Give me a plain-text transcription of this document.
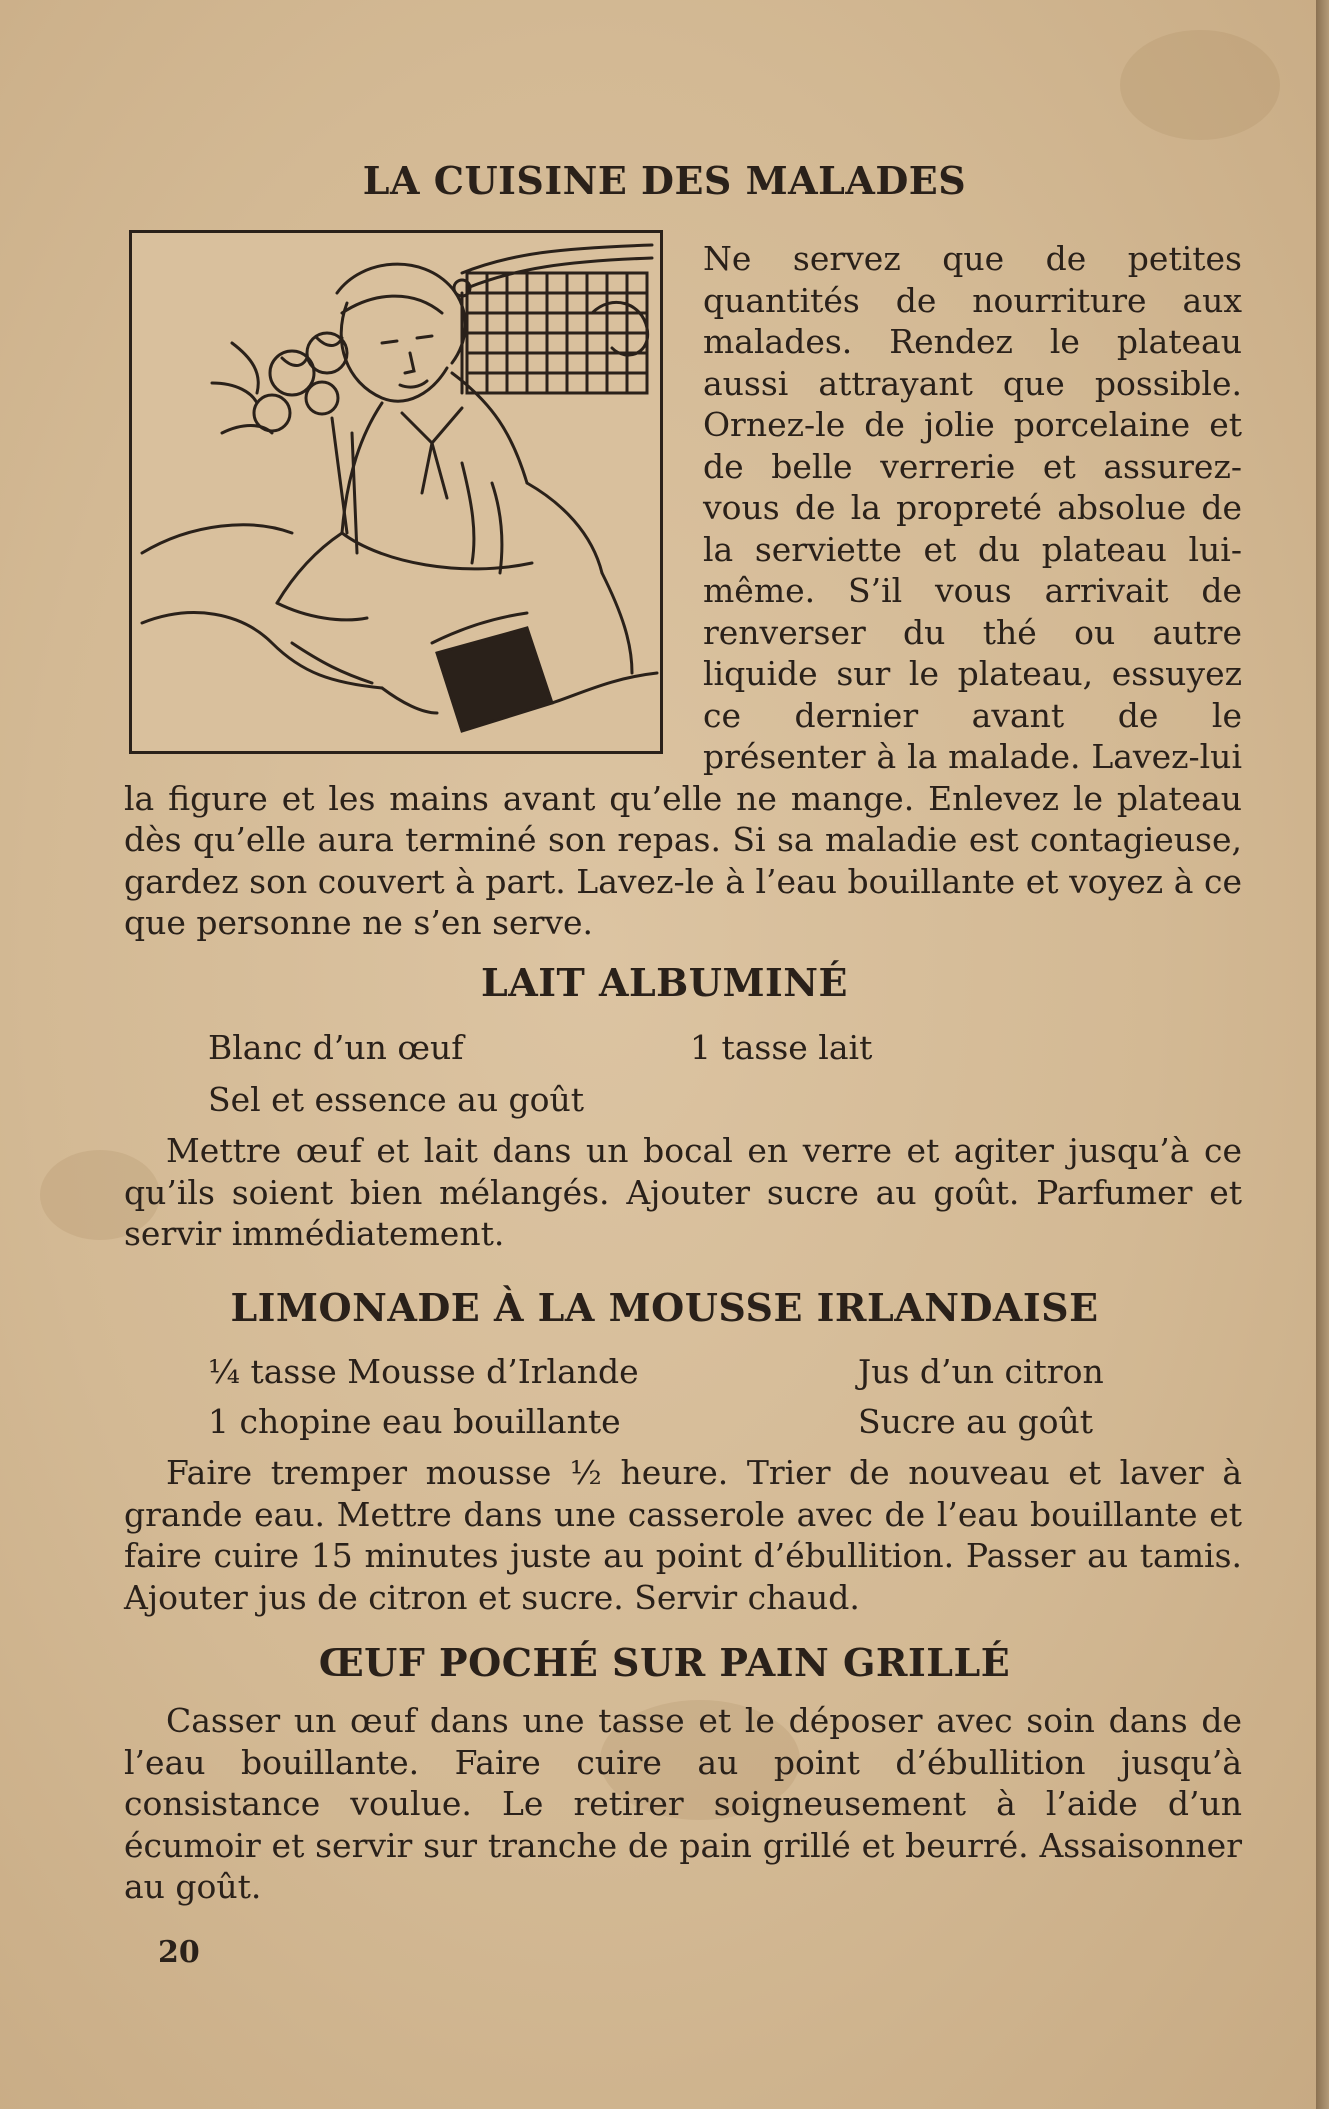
LA CUISINE DES MALADES

Ne servez que de petites quantités de nourriture aux malades. Rendez le plateau aussi attrayant que possible. Ornez-le de jolie porcelaine et de belle verrerie et assurez-vous de la propreté absolue de la serviette et du plateau lui-même. S’il vous arrivait de renverser du thé ou autre liquide sur le plateau, essuyez ce dernier avant de le présenter à la malade. Lavez-lui la figure et les mains avant qu’elle ne mange. Enlevez le plateau dès qu’elle aura terminé son repas. Si sa maladie est contagieuse, gardez son couvert à part. Lavez-le à l’eau bouillante et voyez à ce que personne ne s’en serve.

LAIT ALBUMINÉ
Blanc d’un œuf	1 tasse lait
Sel et essence au goût

Mettre œuf et lait dans un bocal en verre et agiter jusqu’à ce qu’ils soient bien mélangés. Ajouter sucre au goût. Parfumer et servir immédiatement.

LIMONADE À LA MOUSSE IRLANDAISE
¼ tasse Mousse d’Irlande	Jus d’un citron
1 chopine eau bouillante	Sucre au goût

Faire tremper mousse ½ heure. Trier de nouveau et laver à grande eau. Mettre dans une casserole avec de l’eau bouillante et faire cuire 15 minutes juste au point d’ébullition. Passer au tamis. Ajouter jus de citron et sucre. Servir chaud.

ŒUF POCHÉ SUR PAIN GRILLÉ

Casser un œuf dans une tasse et le déposer avec soin dans de l’eau bouillante. Faire cuire au point d’ébullition jusqu’à consistance voulue. Le retirer soigneusement à l’aide d’un écumoir et servir sur tranche de pain grillé et beurré. Assaisonner au goût.

20
